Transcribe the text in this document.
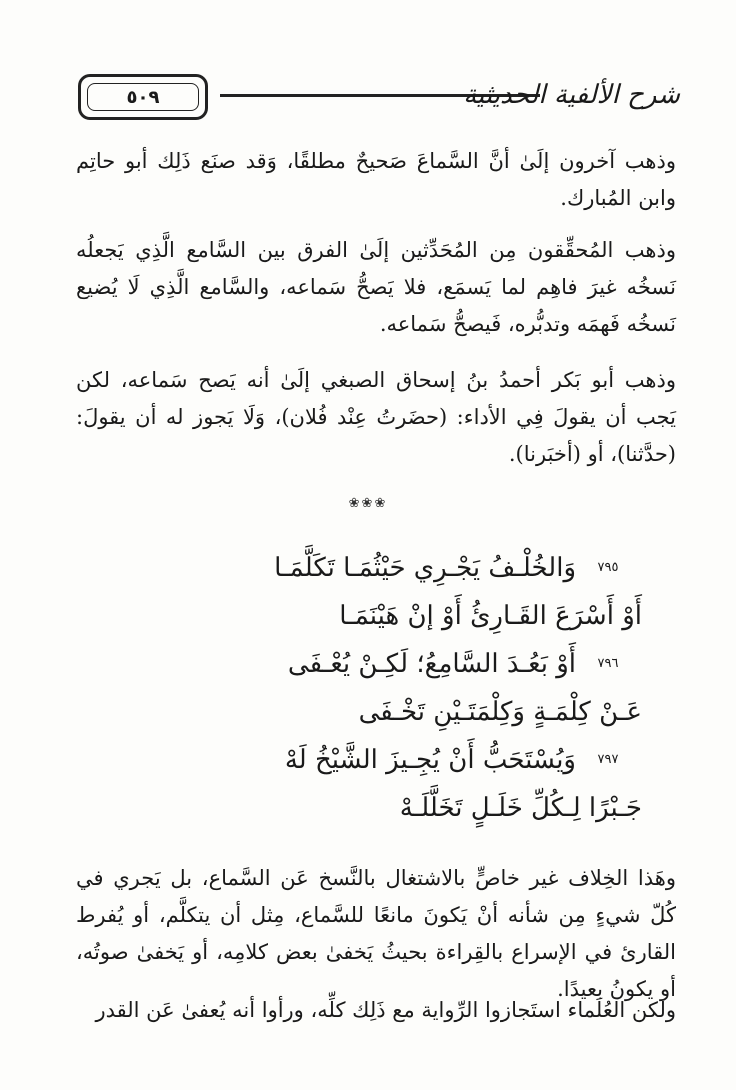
٥٠٩	شرح الألفية الحديثية
وذهب آخرون إلَىٰ أنَّ السَّماعَ صَحيحٌ مطلقًا، وَقد صنَع ذَلِك أبو حاتِم وابن المُبارك.
وذهب المُحقِّقون مِن المُحَدِّثين إلَىٰ الفرق بين السَّامع الَّذِي يَجعلُه نَسخُه غيرَ فاهِم لما يَسمَع، فلا يَصحُّ سَماعه، والسَّامع الَّذِي لَا يُضيع نَسخُه فَهمَه وتدبُّره، فَيصحُّ سَماعه.
وذهب أبو بَكر أحمدُ بنُ إسحاق الصبغي إلَىٰ أنه يَصح سَماعه، لكن يَجب أن يقولَ فِي الأداء: (حضَرتُ عِنْد فُلان)، وَلَا يَجوز له أن يقولَ: (حدَّثنا)، أو (أخبَرنا).
❀❀❀
٧٩٥
وَالخُلْـفُ يَجْـرِي حَيْثُمَـا تَكَلَّمَـا
أَوْ أَسْرَعَ القَـارِئُ أَوْ إنْ هَيْنَمَـا
٧٩٦
أَوْ بَعُـدَ السَّامِعُ؛ لَكِـنْ يُعْـفَى
عَـنْ كِلْمَـةٍ وَكِلْمَتَـيْنِ تَخْـفَى
٧٩٧
وَيُسْتَحَبُّ أَنْ يُجِـيزَ الشَّيْخُ لَهْ
جَـبْرًا لِـكُلِّ خَلَـلٍ تَخَلَّلَـهْ
وهَذا الخِلاف غير خاصٍّ بالاشتغال بالنَّسخ عَن السَّماع، بل يَجري في كُلّ شيءٍ مِن شأنه أنْ يَكونَ مانعًا للسَّماع، مِثل أن يتكلَّم، أو يُفرط القارئ في الإسراع بالقِراءة بحيثُ يَخفىٰ بعض كلامِه، أو يَخفىٰ صوتُه، أو يكونُ بعيدًا.
ولكن العُلَماء استَجازوا الرِّواية مع ذَلِك كلِّه، ورأوا أنه يُعفىٰ عَن القدر
